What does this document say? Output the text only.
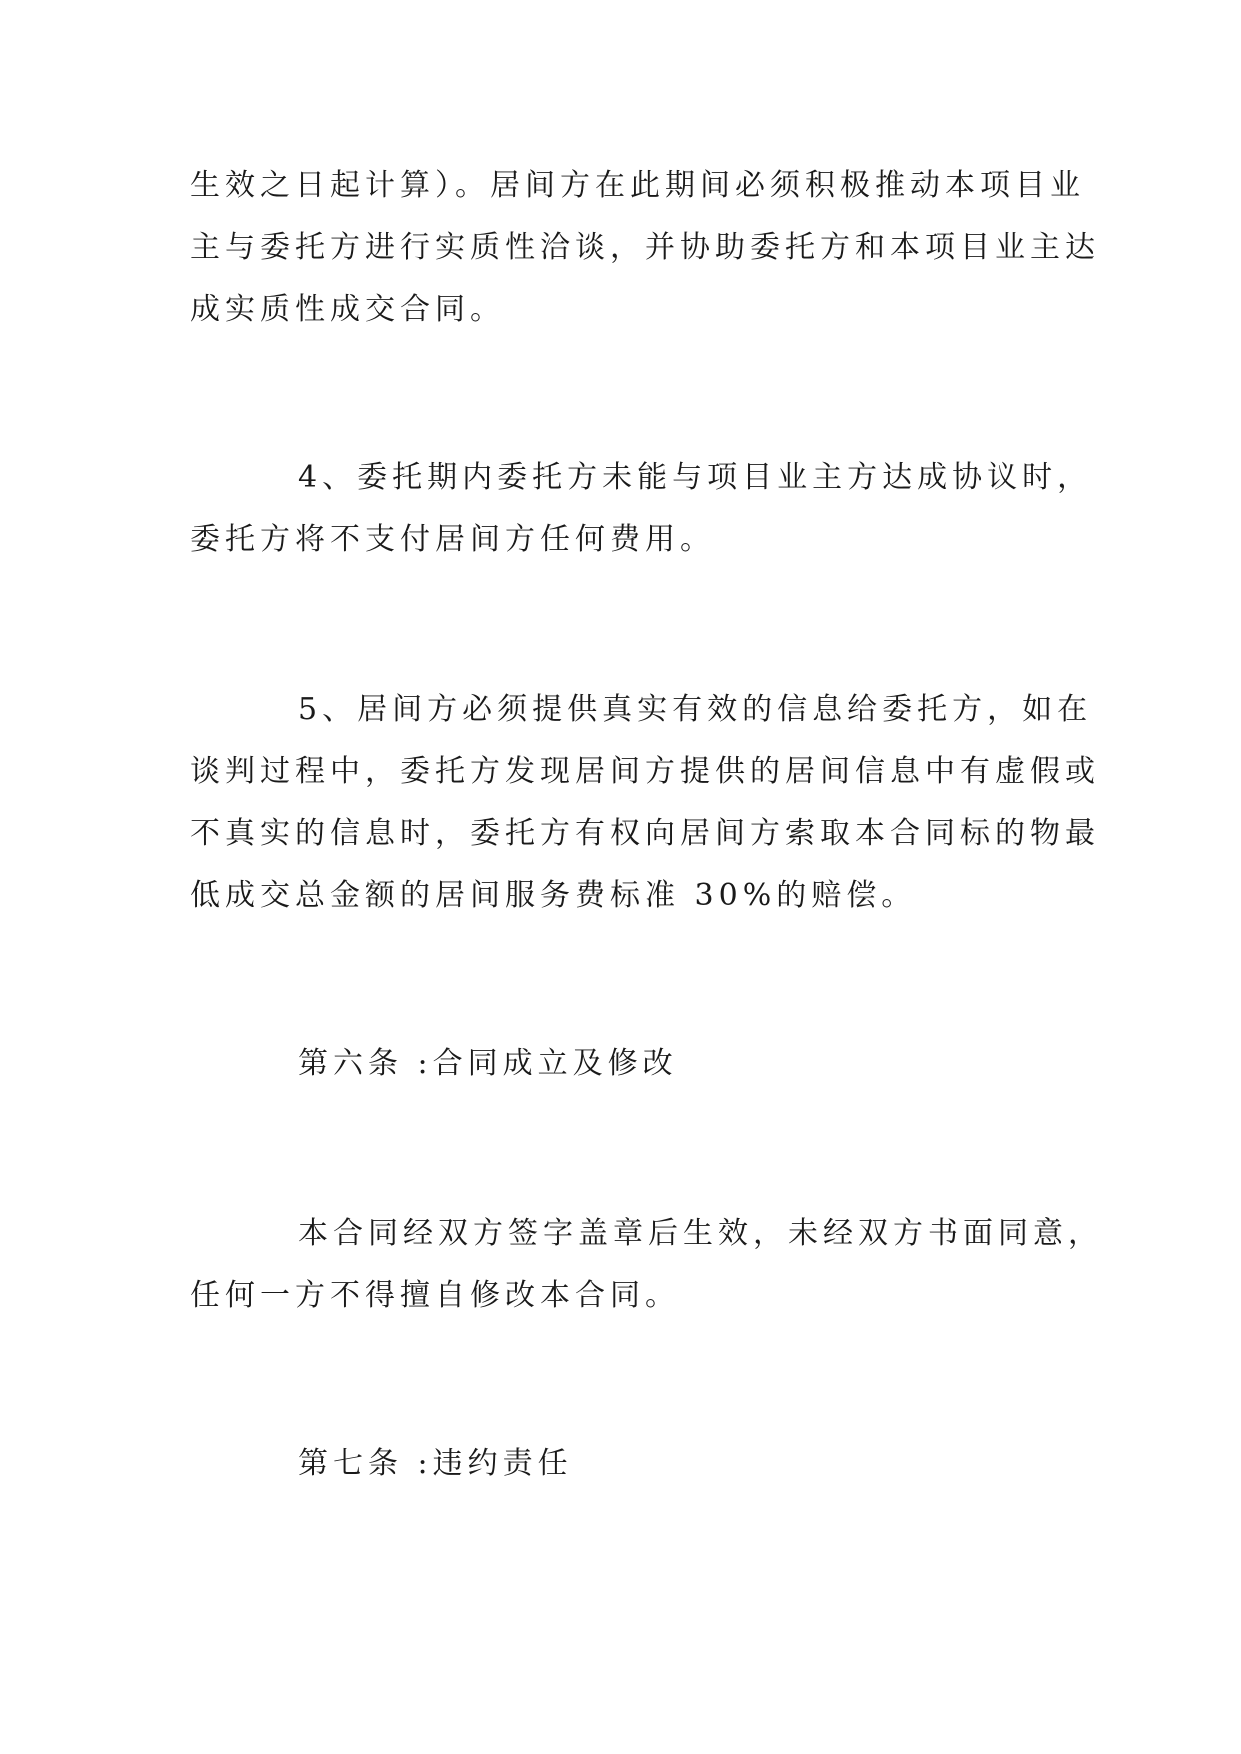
生效之日起计算）。居间方在此期间必须积极推动本项目业
主与委托方进行实质性洽谈，并协助委托方和本项目业主达
成实质性成交合同。
4、委托期内委托方未能与项目业主方达成协议时，
委托方将不支付居间方任何费用。
5、居间方必须提供真实有效的信息给委托方，如在
谈判过程中，委托方发现居间方提供的居间信息中有虚假或
不真实的信息时，委托方有权向居间方索取本合同标的物最
低成交总金额的居间服务费标准 30%的赔偿。
第六条 :合同成立及修改
本合同经双方签字盖章后生效，未经双方书面同意，
任何一方不得擅自修改本合同。
第七条 :违约责任
